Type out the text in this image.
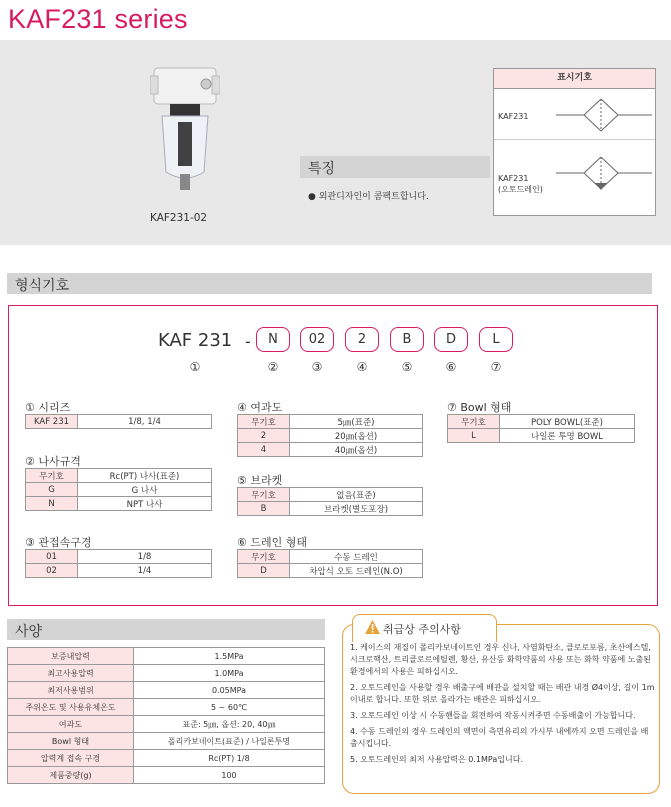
KAF231 series
KAF231-02
특징
● 외관디자인이 콤팩트합니다.
표시기호
KAF231
KAF231
(오토드레인)
형식기호
KAF 231 -	N	02	2	B	D	L
①	②	③	④	⑤	⑥	⑦
① 시리즈
KAF 231	1/8, 1/4
② 나사규격
무기호	Rc(PT) 나사(표준)
G	G 나사
N	NPT 나사
③ 관접속구경
01	1/8
02	1/4
④ 여과도
무기호	5㎛(표준)
2	20㎛(옵션)
4	40㎛(옵션)
⑤ 브라켓
무기호	없음(표준)
B	브라켓(별도포장)
⑥ 드레인 형태
무기호	수동 드레인
D	차압식 오토 드레인(N.O)
⑦ Bowl 형태
무기호	POLY BOWL(표준)
L	나일론 투명 BOWL
사양
보증내압력	1.5MPa
최고사용압력	1.0MPa
최저사용범위	0.05MPa
주위온도 및 사용유체온도	5 ~ 60℃
여과도	표준: 5㎛, 옵션: 20, 40㎛
Bowl 형태	폴리카보네이트(표준) / 나일론투명
압력계 접속 구경	Rc(PT) 1/8
제품중량(g)	100
취급상 주의사항

1. 케이스의 재질이 폴리카보네이트인 경우 신나, 사염화탄소, 클로로포름, 초산에스텔, 시크로핵산, 트리클로르에틸렌, 황산, 유산등 화학약품의 사용 또는 화학 약품에 노출된 환경에서의 사용은 피하십시오.

2. 오토드레인을 사용할 경우 배출구에 배관을 설치할 때는 배관 내경 Ø4이상, 길이 1m 이내로 합니다. 또한 위로 올라가는 배관은 피하십시오.

3. 오토드레인 이상 시 수동핸들을 회전하여 작동시켜주면 수동배출이 가능합니다.

4. 수동 드레인의 경우 드레인의 액면이 측면유리의 가시부 내에까지 오면 드레인을 배출시킵니다.

5. 오토드레인의 최저 사용압력은 0.1MPa입니다.
